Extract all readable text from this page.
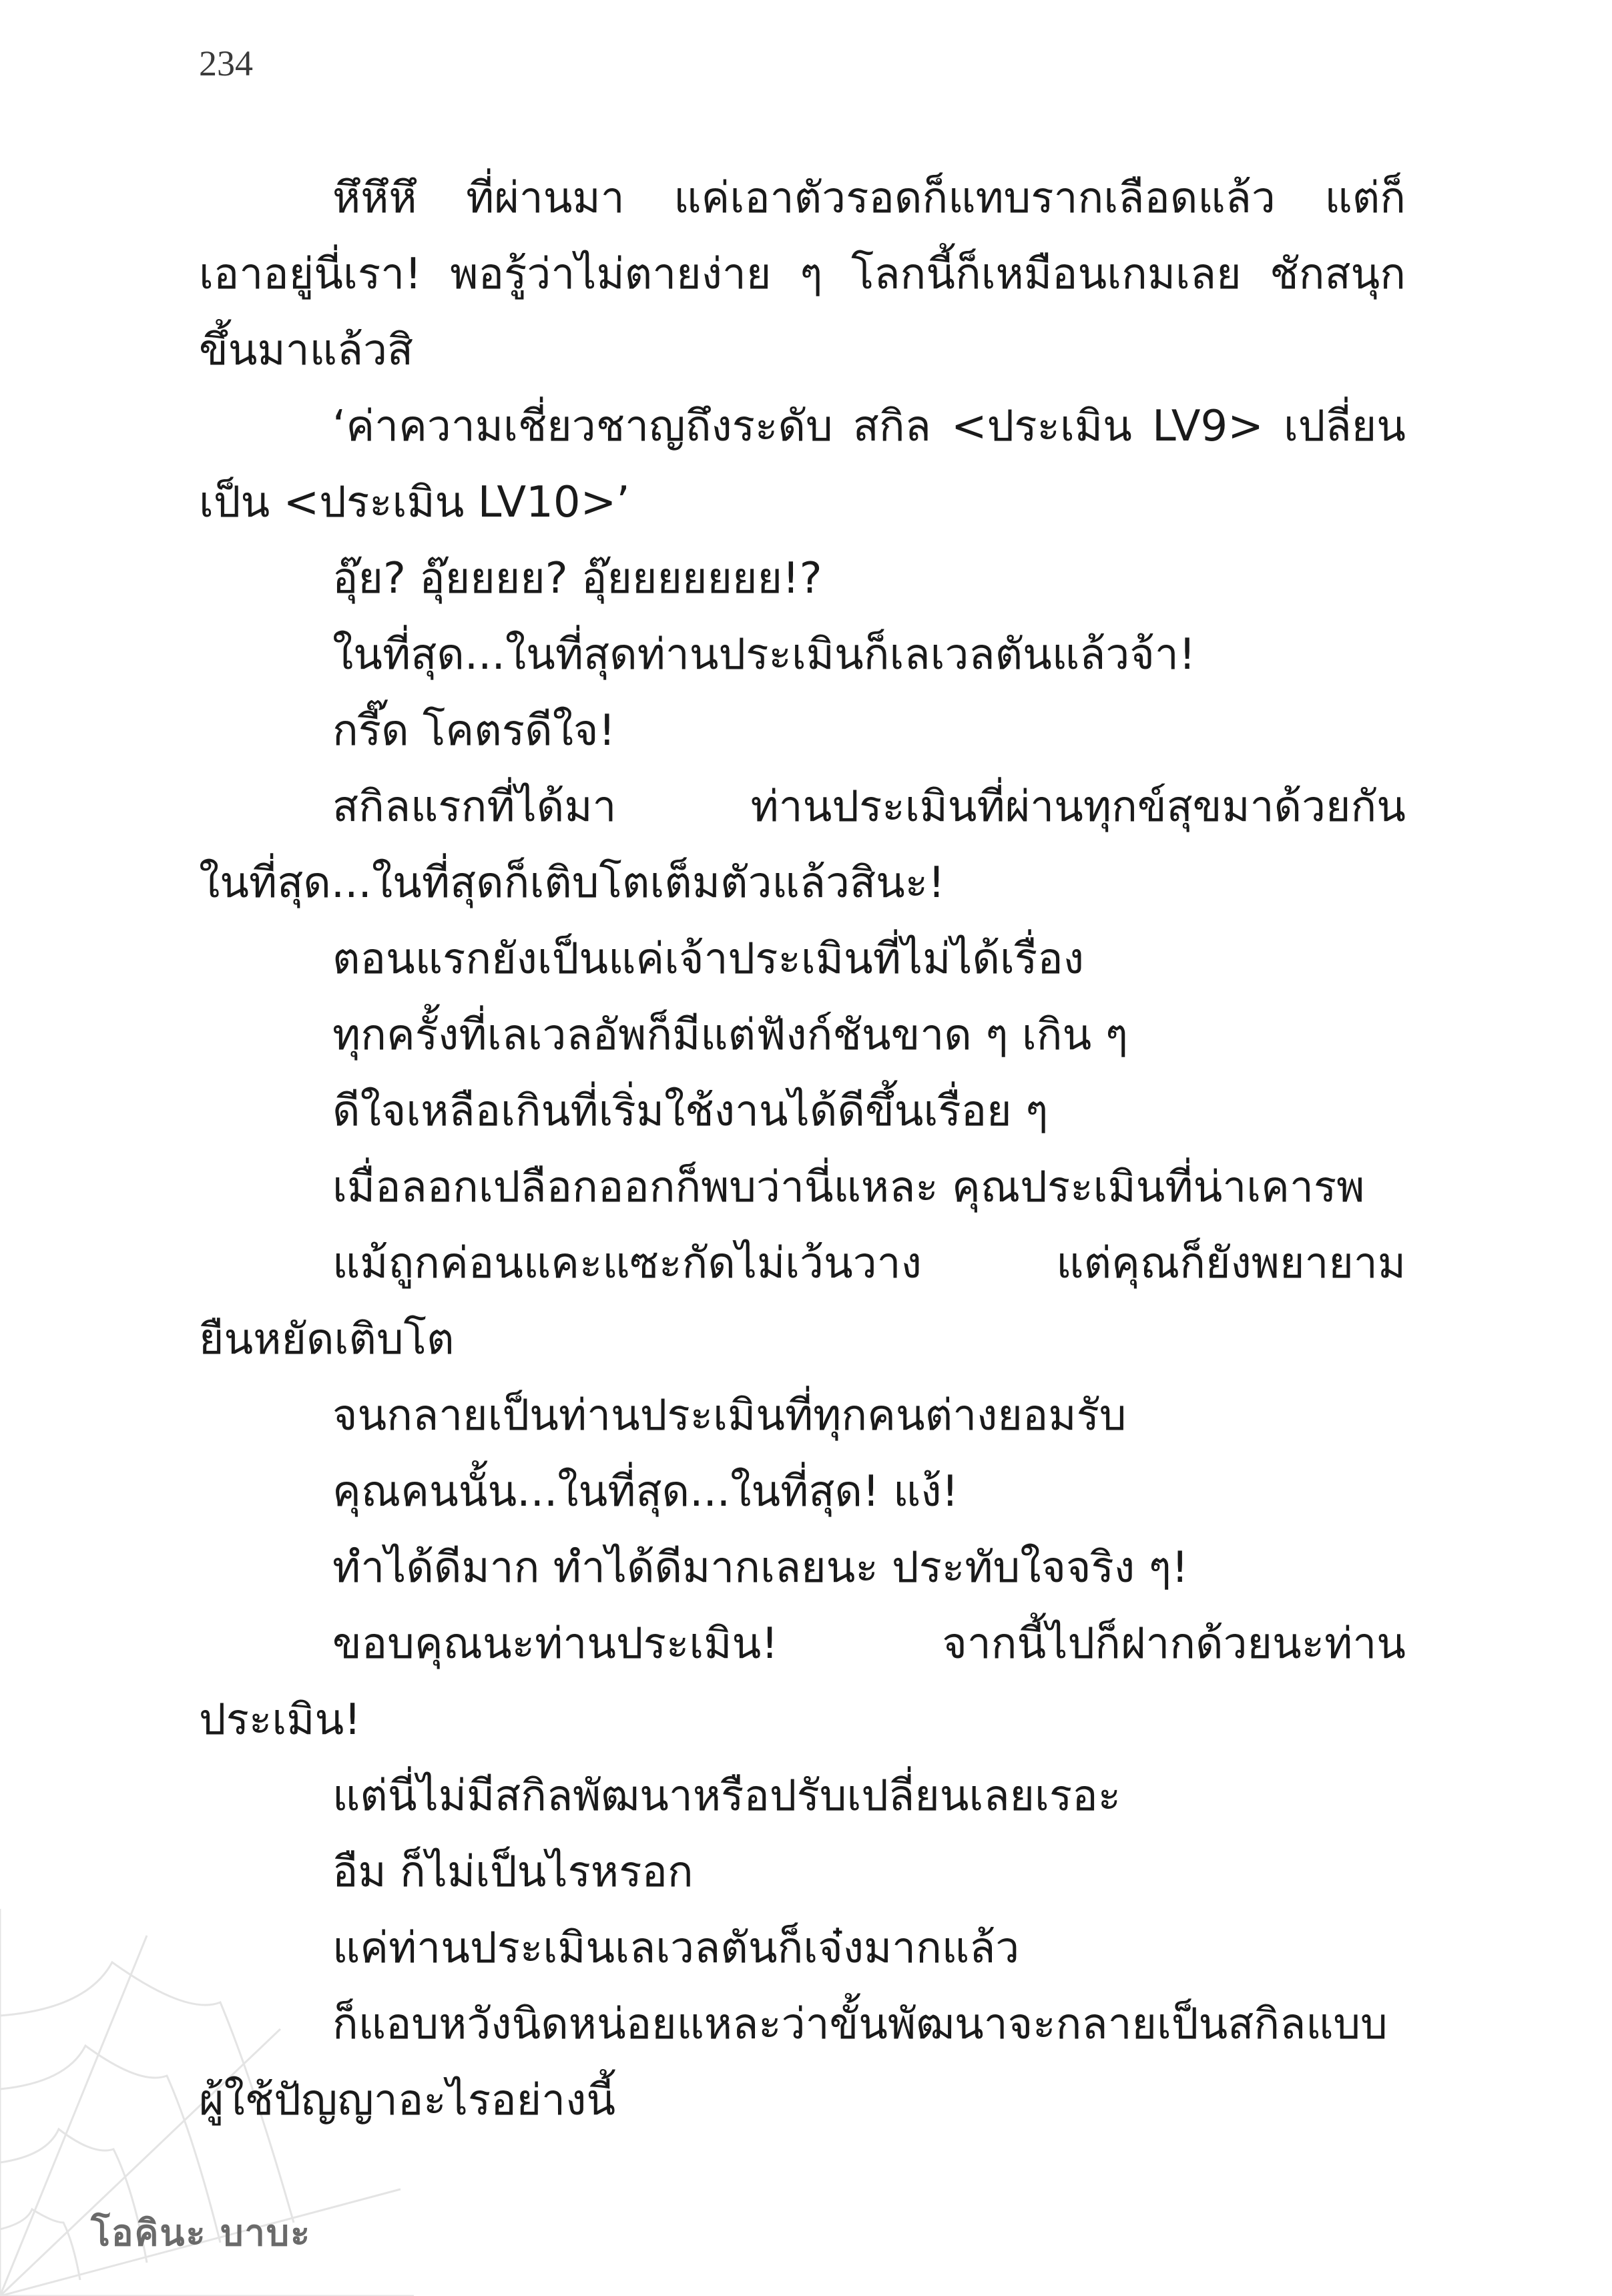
234
หึหึหึ ที่ผ่านมา แค่เอาตัวรอดก็แทบรากเลือดแล้ว แต่ก็
เอาอยู่นี่เรา! พอรู้ว่าไม่ตายง่าย ๆ โลกนี้ก็เหมือนเกมเลย ชักสนุก
ขึ้นมาแล้วสิ
‘ค่าความเชี่ยวชาญถึงระดับ สกิล <ประเมิน LV9> เปลี่ยน
เป็น <ประเมิน LV10>’
อุ๊ย? อุ๊ยยยย? อุ๊ยยยยยยย!?
ในที่สุด...ในที่สุดท่านประเมินก็เลเวลตันแล้วจ้า!
กรี๊ด โคตรดีใจ!
สกิลแรกที่ได้มา ท่านประเมินที่ผ่านทุกข์สุขมาด้วยกัน
ในที่สุด...ในที่สุดก็เติบโตเต็มตัวแล้วสินะ!
ตอนแรกยังเป็นแค่เจ้าประเมินที่ไม่ได้เรื่อง
ทุกครั้งที่เลเวลอัพก็มีแต่ฟังก์ชันขาด ๆ เกิน ๆ
ดีใจเหลือเกินที่เริ่มใช้งานได้ดีขึ้นเรื่อย ๆ
เมื่อลอกเปลือกออกก็พบว่านี่แหละ คุณประเมินที่น่าเคารพ
แม้ถูกค่อนแคะแซะกัดไม่เว้นวาง แต่คุณก็ยังพยายาม
ยืนหยัดเติบโต
จนกลายเป็นท่านประเมินที่ทุกคนต่างยอมรับ
คุณคนนั้น...ในที่สุด...ในที่สุด! แง้!
ทำได้ดีมาก ทำได้ดีมากเลยนะ ประทับใจจริง ๆ!
ขอบคุณนะท่านประเมิน! จากนี้ไปก็ฝากด้วยนะท่าน
ประเมิน!
แต่นี่ไม่มีสกิลพัฒนาหรือปรับเปลี่ยนเลยเรอะ
อืม ก็ไม่เป็นไรหรอก
แค่ท่านประเมินเลเวลตันก็เจ๋งมากแล้ว
ก็แอบหวังนิดหน่อยแหละว่าขั้นพัฒนาจะกลายเป็นสกิลแบบ
ผู้ใช้ปัญญาอะไรอย่างนี้
โอคินะ บาบะ
